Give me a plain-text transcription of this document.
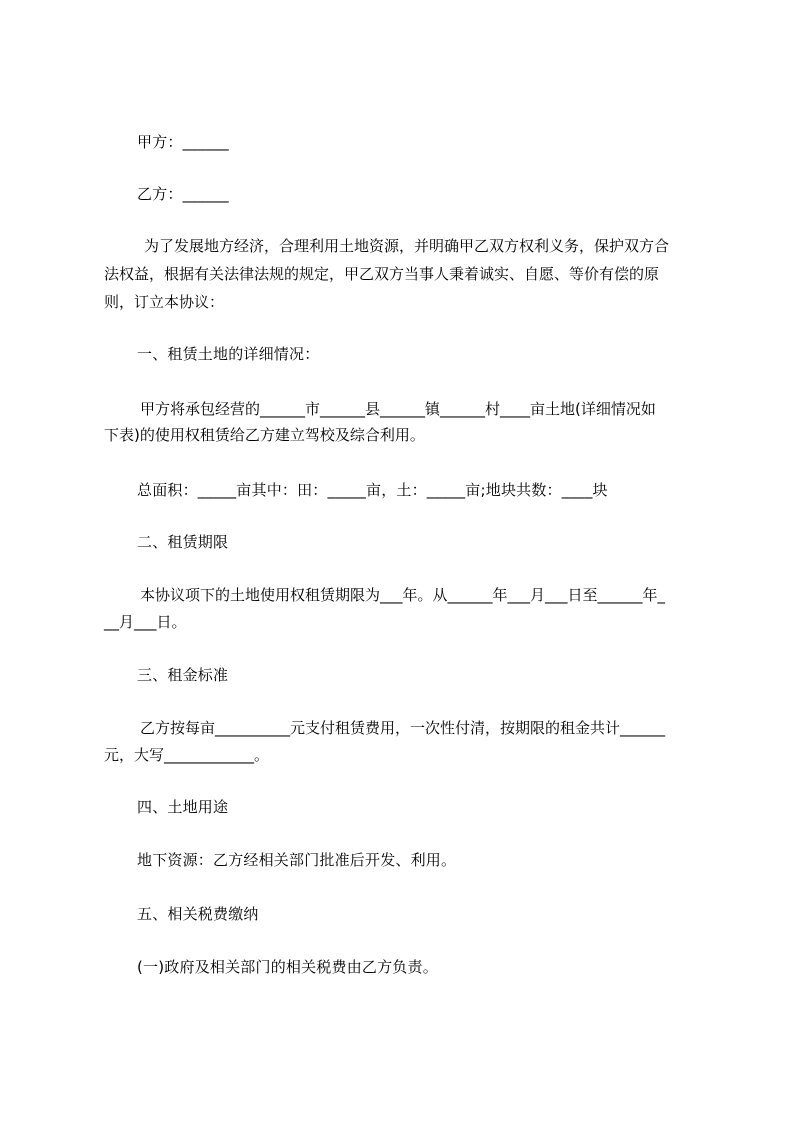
甲方：______
乙方：______
为了发展地方经济，合理利用土地资源，并明确甲乙双方权利义务，保护双方合
法权益，根据有关法律法规的规定，甲乙双方当事人秉着诚实、自愿、等价有偿的原
则，订立本协议：
一、租赁土地的详细情况：
甲方将承包经营的______市______县______镇______村____亩土地(详细情况如
下表)的使用权租赁给乙方建立驾校及综合利用。
总面积：_____亩其中：田：_____亩，土：_____亩;地块共数：____块
二、租赁期限
本协议项下的土地使用权租赁期限为___年。从______年___月___日至______年_
__月___日。
三、租金标准
乙方按每亩__________元支付租赁费用，一次性付清，按期限的租金共计______
元，大写____________。
四、土地用途
地下资源：乙方经相关部门批准后开发、利用。
五、相关税费缴纳
(一)政府及相关部门的相关税费由乙方负责。
